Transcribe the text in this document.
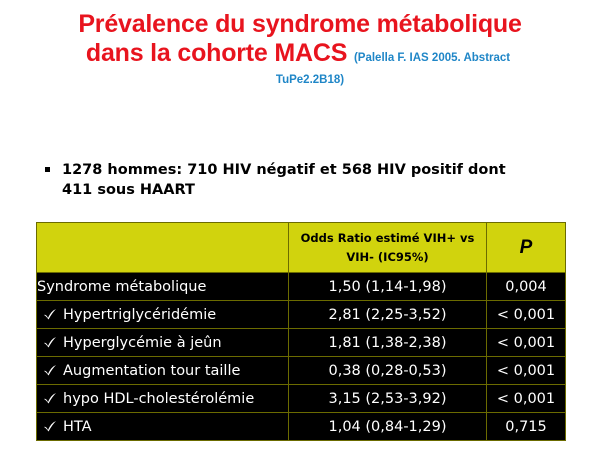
Prévalence du syndrome métabolique
dans la cohorte MACS (Palella F. IAS 2005. Abstract
TuPe2.2B18)
1278 hommes: 710 HIV négatif et 568 HIV positif dont
411 sous HAART

	Odds Ratio estimé VIH+ vs
VIH- (IC95%)	P
Syndrome métabolique	1,50 (1,14-1,98)	0,004
Hypertriglycéridémie	2,81 (2,25-3,52)	< 0,001
Hyperglycémie à jeûn	1,81 (1,38-2,38)	< 0,001
Augmentation tour taille	0,38 (0,28-0,53)	< 0,001
hypo HDL-cholestérolémie	3,15 (2,53-3,92)	< 0,001
HTA	1,04 (0,84-1,29)	0,715
